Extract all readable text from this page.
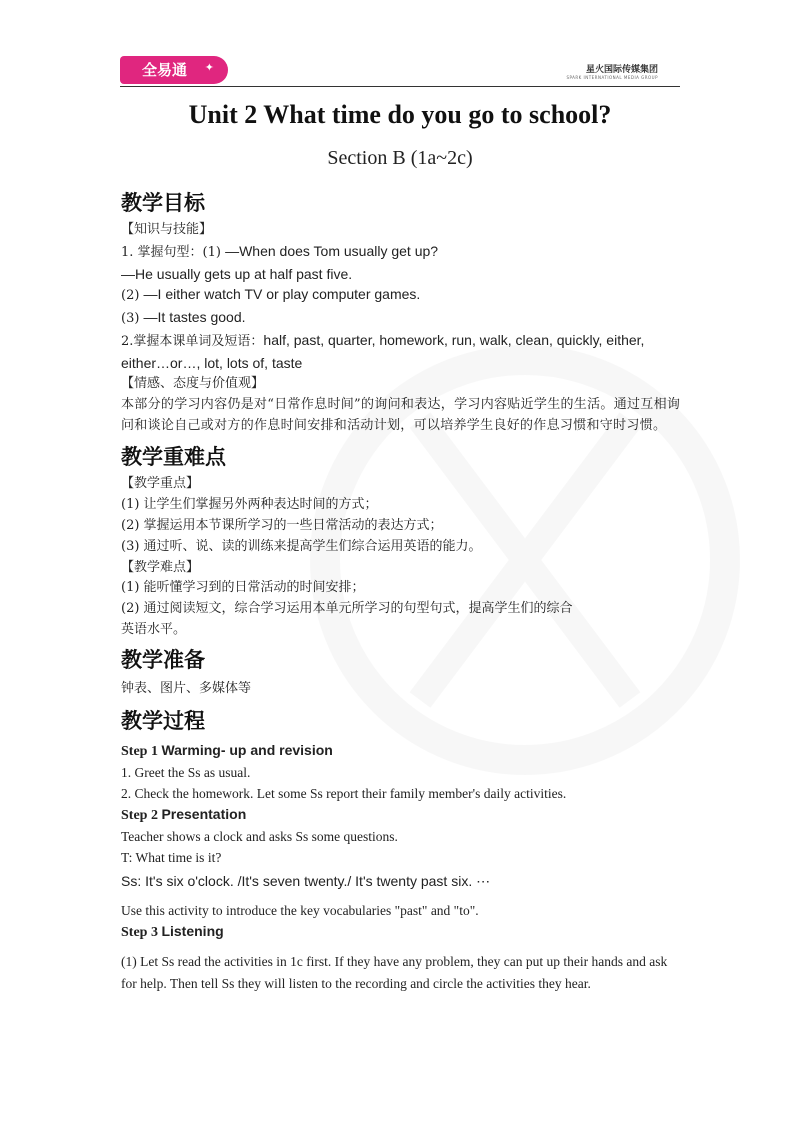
全易通 ✦	星火国际传媒集团
SPARK INTERNATIONAL MEDIA GROUP
Unit 2 What time do you go to school?
Section B (1a~2c)
教学目标
【知识与技能】
1. 掌握句型：(1) —When does Tom usually get up?
—He usually gets up at half past five.
(2) —I either watch TV or play computer games.
(3) —It tastes good.
2.掌握本课单词及短语：half, past, quarter, homework, run, walk, clean, quickly, either,
either…or…, lot, lots of, taste
【情感、态度与价值观】
本部分的学习内容仍是对“日常作息时间”的询问和表达，学习内容贴近学生的生活。通过互相询问和谈论自己或对方的作息时间安排和活动计划，可以培养学生良好的作息习惯和守时习惯。
教学重难点
【教学重点】
(1) 让学生们掌握另外两种表达时间的方式；
(2) 掌握运用本节课所学习的一些日常活动的表达方式；
(3) 通过听、说、读的训练来提高学生们综合运用英语的能力。
【教学难点】
(1) 能听懂学习到的日常活动的时间安排；
(2) 通过阅读短文，综合学习运用本单元所学习的句型句式，提高学生们的综合
英语水平。
教学准备
钟表、图片、多媒体等
教学过程
Step 1 Warming- up and revision
1. Greet the Ss as usual.
2. Check the homework. Let some Ss report their family member's daily activities.
Step 2 Presentation
Teacher shows a clock and asks Ss some questions.
T: What time is it?
Ss: It's six o'clock. /It's seven twenty./ It's twenty past six. ⋯
Use this activity to introduce the key vocabularies "past" and "to".
Step 3 Listening
(1) Let Ss read the activities in 1c first. If they have any problem, they can put up their hands and ask for help. Then tell Ss they will listen to the recording and circle the activities they hear.
